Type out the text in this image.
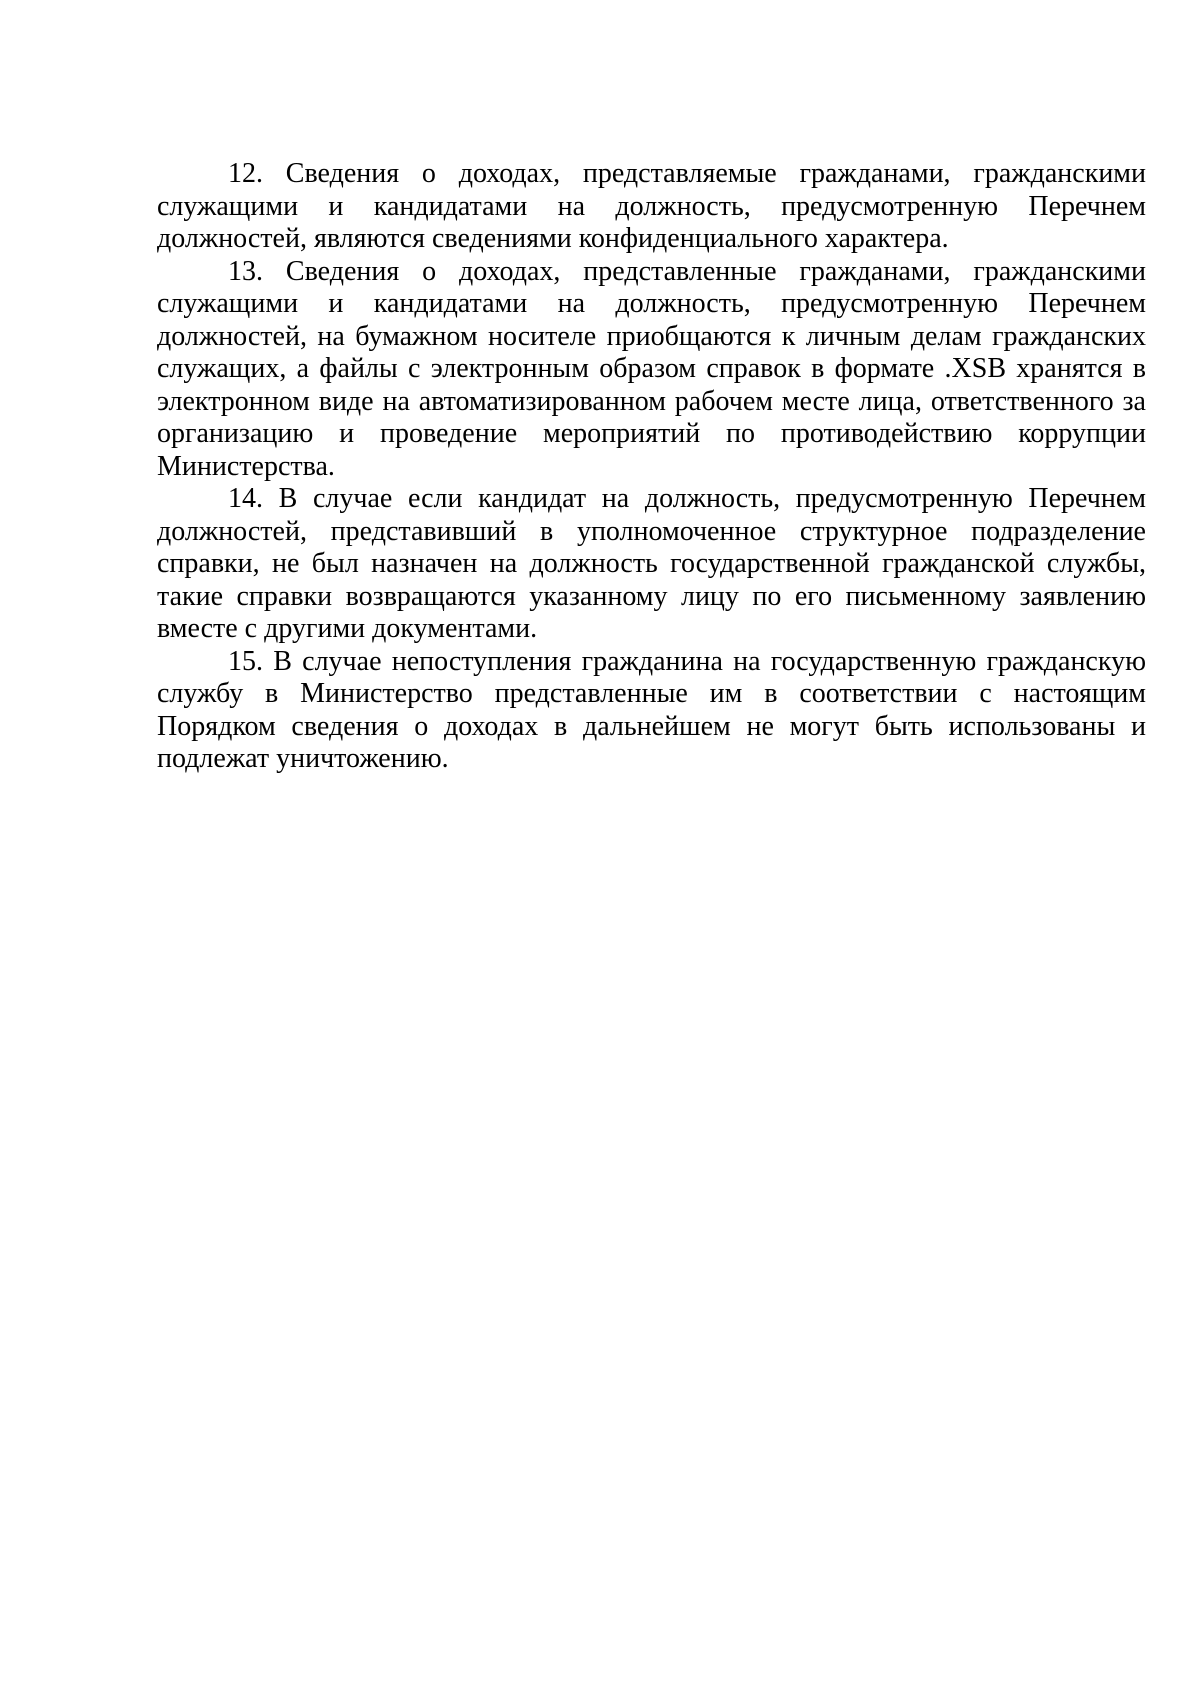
12. Сведения о доходах, представляемые гражданами, гражданскими служащими и кандидатами на должность, предусмотренную Перечнем должностей, являются сведениями конфиденциального характера.

13. Сведения о доходах, представленные гражданами, гражданскими служащими и кандидатами на должность, предусмотренную Перечнем должностей, на бумажном носителе приобщаются к личным делам гражданских служащих, а файлы с электронным образом справок в формате .XSB хранятся в электронном виде на автоматизированном рабочем месте лица, ответственного за организацию и проведение мероприятий по противодействию коррупции Министерства.

14. В случае если кандидат на должность, предусмотренную Перечнем должностей, представивший в уполномоченное структурное подразделение справки, не был назначен на должность государственной гражданской службы, такие справки возвращаются указанному лицу по его письменному заявлению вместе с другими документами.

15. В случае непоступления гражданина на государственную гражданскую службу в Министерство представленные им в соответствии с настоящим Порядком сведения о доходах в дальнейшем не могут быть использованы и подлежат уничтожению.
